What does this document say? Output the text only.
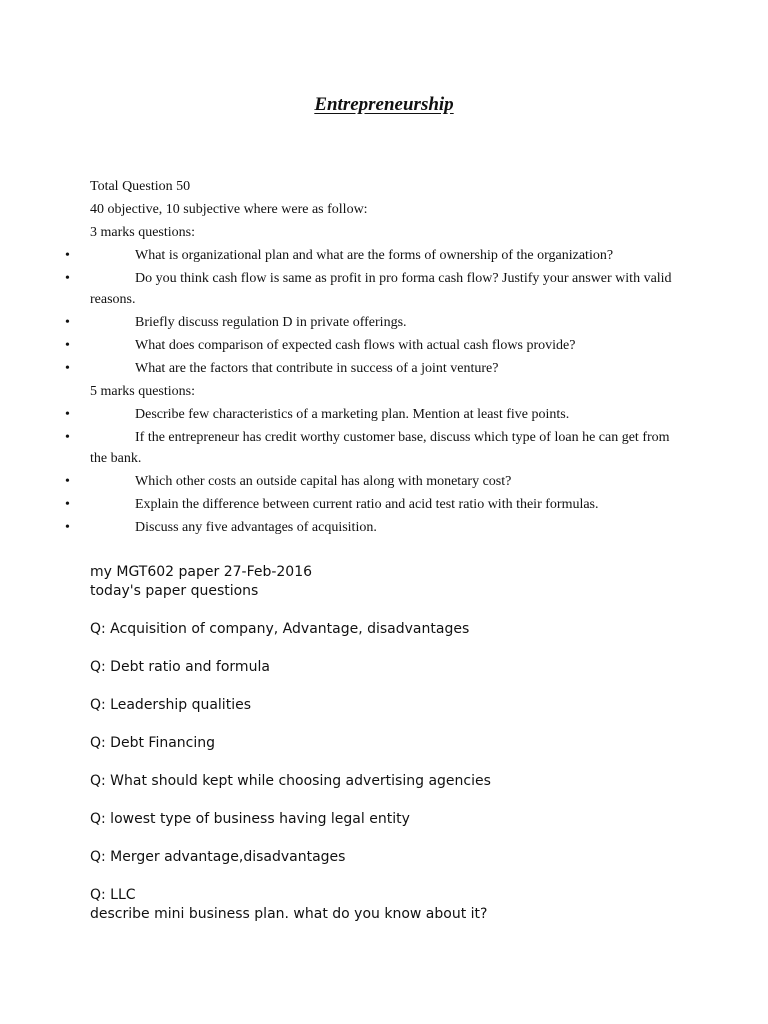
Entrepreneurship
Total Question 50
40 objective, 10 subjective where were as follow:
3 marks questions:
•	What is organizational plan and what are the forms of ownership of the organization?
•	Do you think cash flow is same as profit in pro forma cash flow? Justify your answer with valid reasons.
•	Briefly discuss regulation D in private offerings.
•	What does comparison of expected cash flows with actual cash flows provide?
•	What are the factors that contribute in success of a joint venture?
5 marks questions:
•	Describe few characteristics of a marketing plan. Mention at least five points.
•	If the entrepreneur has credit worthy customer base, discuss which type of loan he can get from the bank.
•	Which other costs an outside capital has along with monetary cost?
•	Explain the difference between current ratio and acid test ratio with their formulas.
•	Discuss any five advantages of acquisition.

my MGT602 paper 27-Feb-2016

today's paper questions

Q: Acquisition of company, Advantage, disadvantages

Q: Debt ratio and formula

Q: Leadership qualities

Q: Debt Financing

Q: What should kept while choosing advertising agencies

Q: lowest type of business having legal entity

Q: Merger advantage,disadvantages

Q: LLC

describe mini business plan. what do you know about it?
